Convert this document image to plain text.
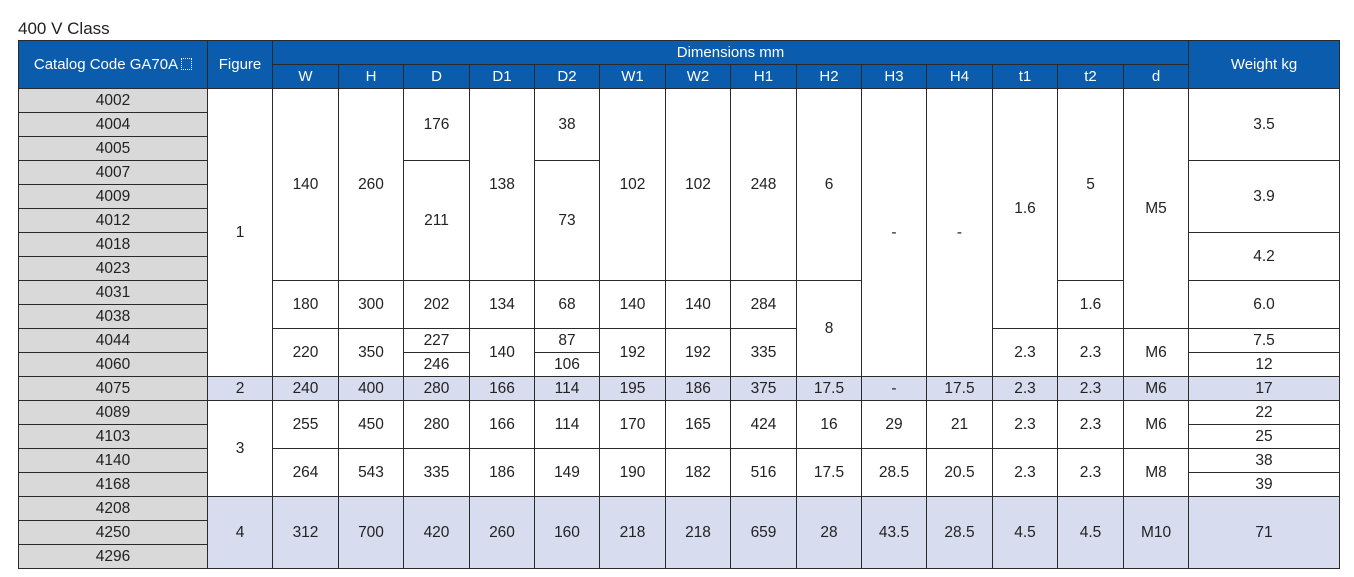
400 V Class
Catalog Code GA70A	Figure	Dimensions mm														Weight kg
		W	H	D	D1	D2	W1	W2	H1	H2	H3	H4	t1	t2	d	
4002	1	140	260	176	138	38	102	102	248	6	-	-	1.6	5	M5	3.5
4004																
4005																
4007				211		73										3.9
4009																
4012																
4018																4.2
4023																
4031		180	300	202	134	68	140	140	284	8				1.6		6.0
4038																
4044		220	350	227	140	87	192	192	335				2.3	2.3	M6	7.5
4060				246		106										12
4075	2	240	400	280	166	114	195	186	375	17.5	-	17.5	2.3	2.3	M6	17
4089	3	255	450	280	166	114	170	165	424	16	29	21	2.3	2.3	M6	22
4103																25
4140		264	543	335	186	149	190	182	516	17.5	28.5	20.5	2.3	2.3	M8	38
4168																39
4208	4	312	700	420	260	160	218	218	659	28	43.5	28.5	4.5	4.5	M10	71
4250																
4296																
